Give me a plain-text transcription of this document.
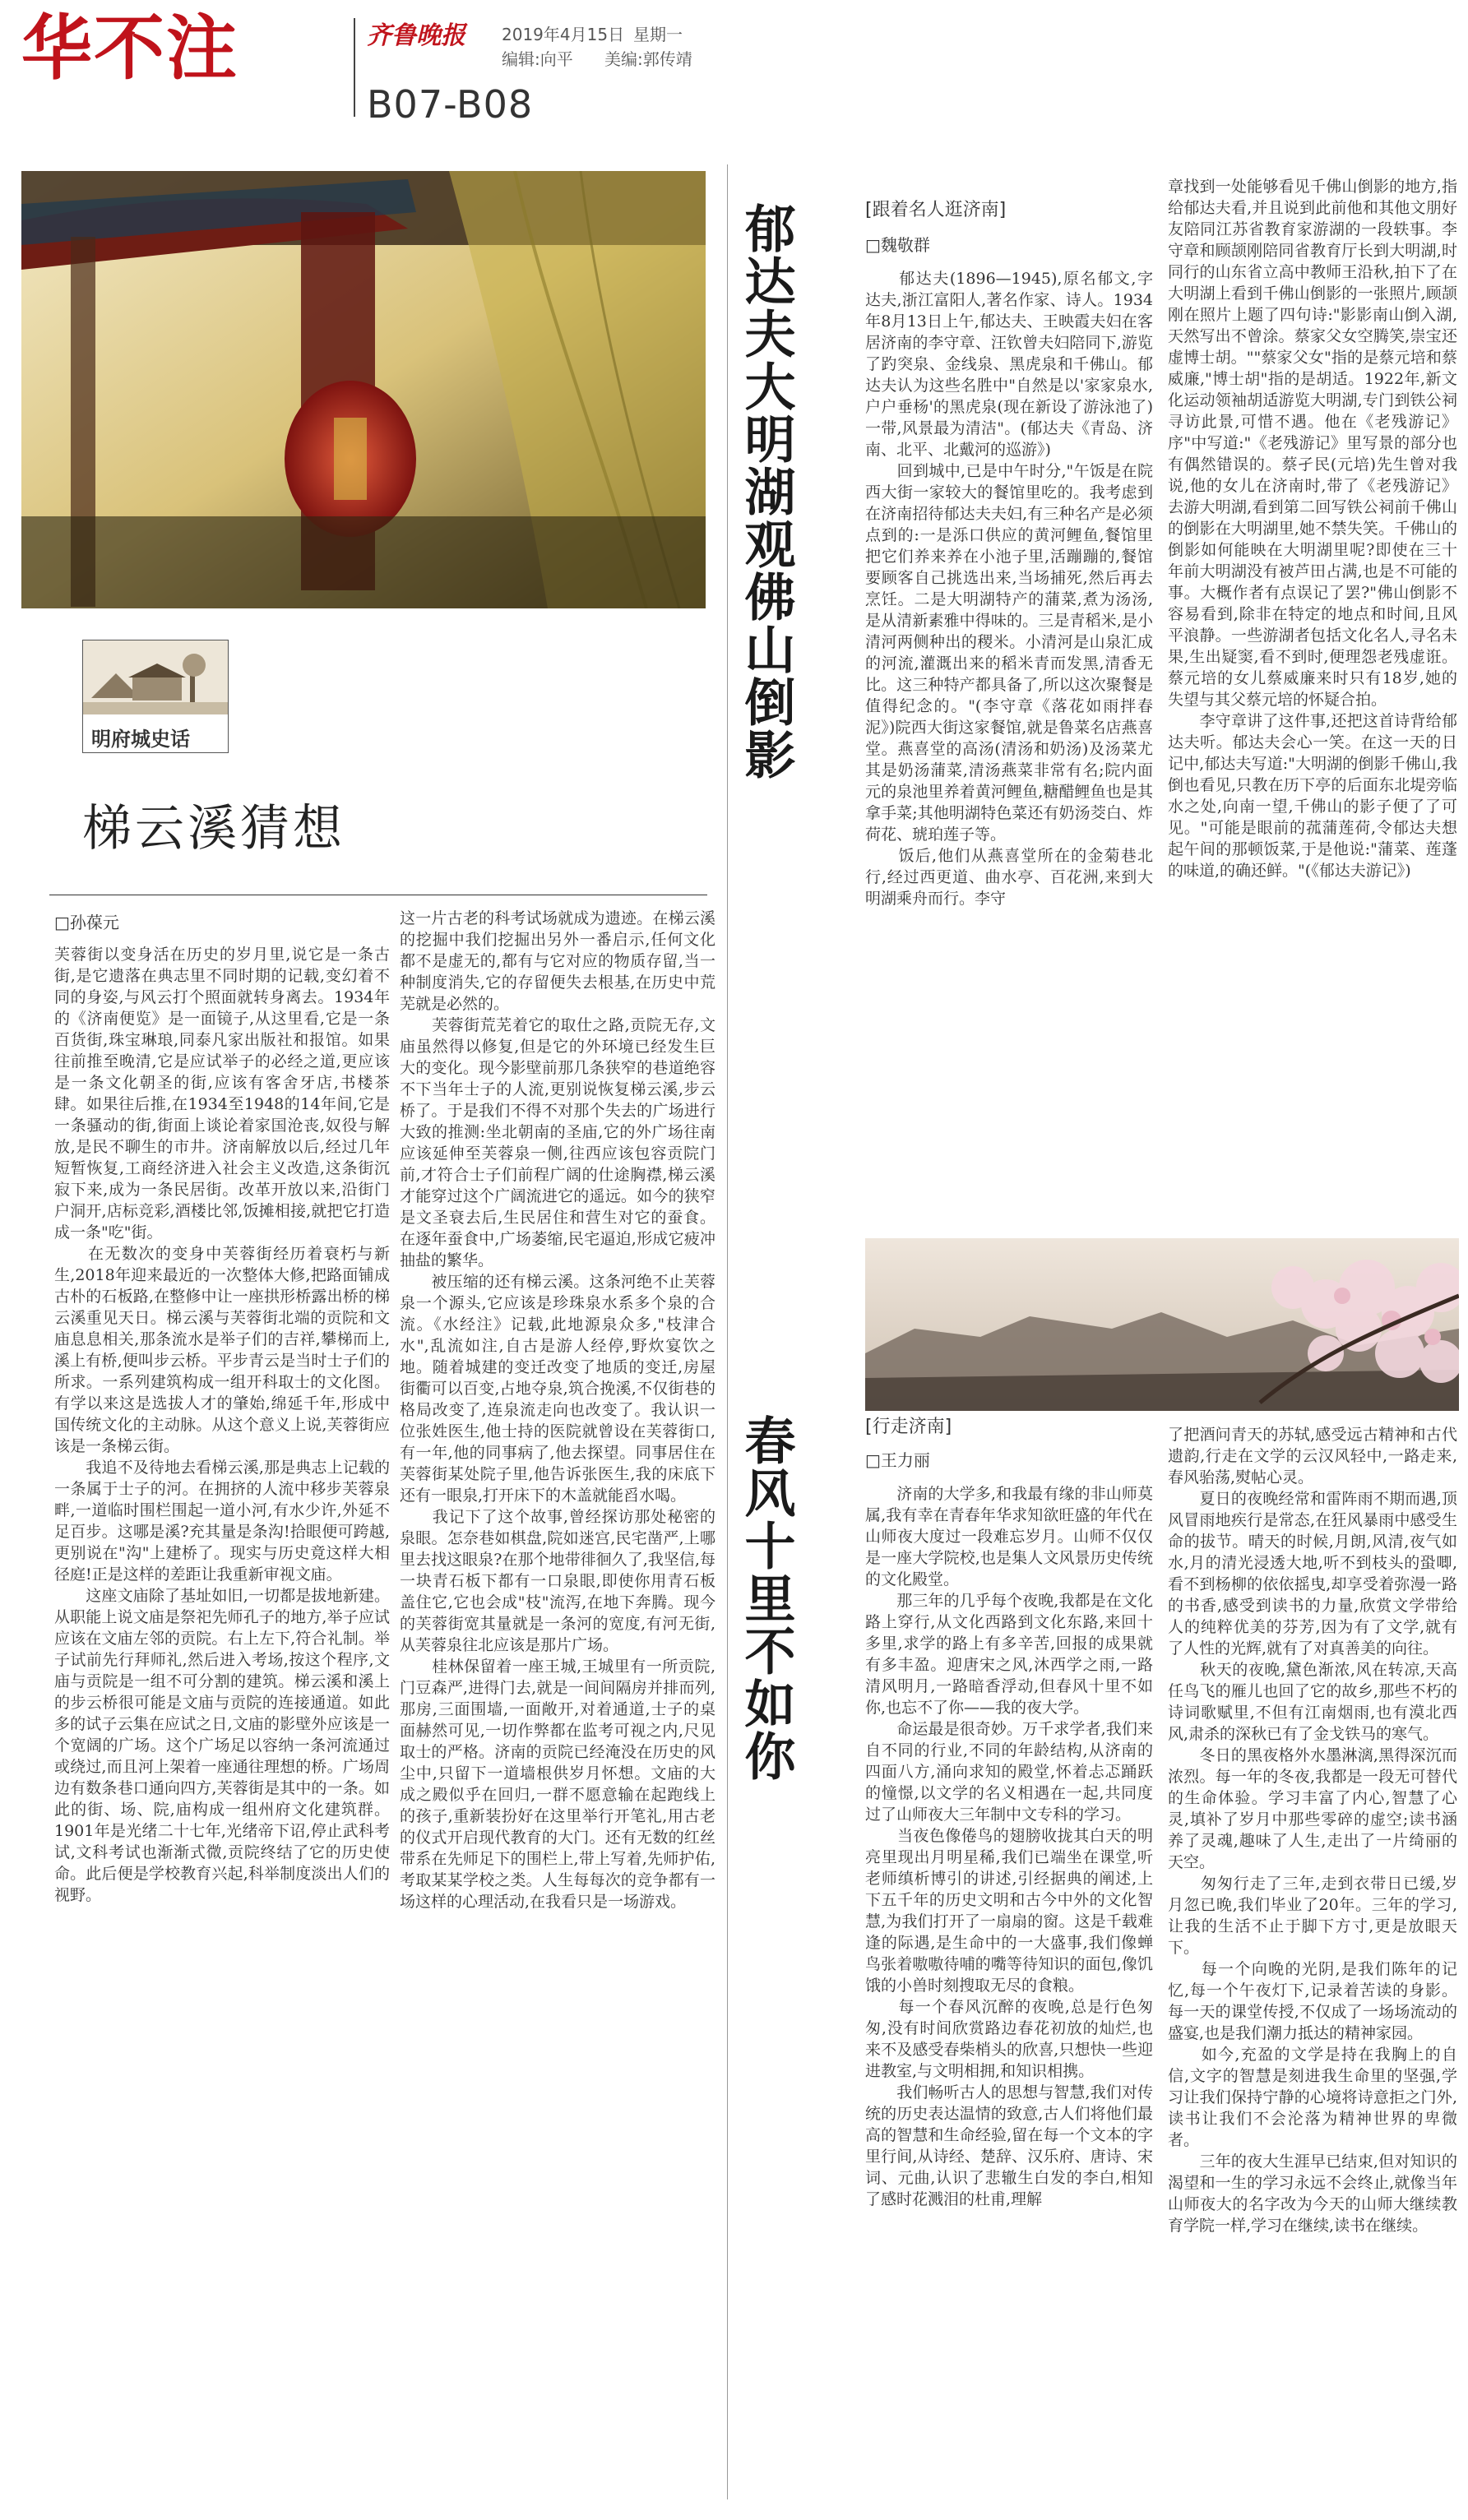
华不注	齐鲁晚报 2019年4月15日 星期一
编辑:向平 美编:郭传靖
B07-B08
明府城史话
梯云溪猜想
□孙葆元
芙蓉街以变身活在历史的岁月里,说它是一条古街,是它遗落在典志里不同时期的记载,变幻着不同的身姿,与风云打个照面就转身离去。1934年的《济南便览》是一面镜子,从这里看,它是一条百货街,珠宝琳琅,同泰凡家出版社和报馆。如果往前推至晚清,它是应试举子的必经之道,更应该是一条文化朝圣的街,应该有客舍牙店,书楼茶肆。如果往后推,在1934至1948的14年间,它是一条骚动的街,街面上谈论着家国沧丧,奴役与解放,是民不聊生的市井。济南解放以后,经过几年短暂恢复,工商经济进入社会主义改造,这条街沉寂下来,成为一条民居街。改革开放以来,沿街门户洞开,店标竞彩,酒楼比邻,饭摊相接,就把它打造成一条"吃"街。
　　在无数次的变身中芙蓉街经历着衰朽与新生,2018年迎来最近的一次整体大修,把路面铺成古朴的石板路,在整修中让一座拱形桥露出桥的梯云溪重见天日。梯云溪与芙蓉街北端的贡院和文庙息息相关,那条流水是举子们的吉祥,攀梯而上,溪上有桥,便叫步云桥。平步青云是当时士子们的所求。一系列建筑构成一组开科取士的文化图。有学以来这是选拔人才的肇始,绵延千年,形成中国传统文化的主动脉。从这个意义上说,芙蓉街应该是一条梯云街。
　　我追不及待地去看梯云溪,那是典志上记载的一条属于士子的河。在拥挤的人流中移步芙蓉泉畔,一道临时围栏围起一道小河,有水少许,外延不足百步。这哪是溪?充其量是条沟!拾眼便可跨越,更别说在"沟"上建桥了。现实与历史竟这样大相径庭!正是这样的差距让我重新审视文庙。
　　这座文庙除了基址如旧,一切都是拔地新建。从职能上说文庙是祭祀先师孔子的地方,举子应试应该在文庙左邻的贡院。右上左下,符合礼制。举子试前先行拜师礼,然后进入考场,按这个程序,文庙与贡院是一组不可分割的建筑。梯云溪和溪上的步云桥很可能是文庙与贡院的连接通道。如此多的试子云集在应试之日,文庙的影壁外应该是一个宽阔的广场。这个广场足以容纳一条河流通过或绕过,而且河上架着一座通往理想的桥。广场周边有数条巷口通向四方,芙蓉街是其中的一条。如此的街、场、院,庙构成一组州府文化建筑群。1901年是光绪二十七年,光绪帝下诏,停止武科考试,文科考试也渐渐式微,贡院终结了它的历史使命。此后便是学校教育兴起,科举制度淡出人们的视野。
这一片古老的科考试场就成为遗迹。在梯云溪的挖掘中我们挖掘出另外一番启示,任何文化都不是虚无的,都有与它对应的物质存留,当一种制度消失,它的存留便失去根基,在历史中荒芜就是必然的。
　　芙蓉街荒芜着它的取仕之路,贡院无存,文庙虽然得以修复,但是它的外环境已经发生巨大的变化。现今影壁前那几条狭窄的巷道绝容不下当年士子的人流,更别说恢复梯云溪,步云桥了。于是我们不得不对那个失去的广场进行大致的推测:坐北朝南的圣庙,它的外广场往南应该延伸至芙蓉泉一侧,往西应该包容贡院门前,才符合士子们前程广阔的仕途胸襟,梯云溪才能穿过这个广阔流进它的遥远。如今的狭窄是文圣衰去后,生民居住和营生对它的蚕食。在逐年蚕食中,广场萎缩,民宅逼迫,形成它疲冲抽盐的繁华。
　　被压缩的还有梯云溪。这条河绝不止芙蓉泉一个源头,它应该是珍珠泉水系多个泉的合流。《水经注》记载,此地源泉众多,"枝津合水",乱流如注,自古是游人经停,野炊宴饮之地。随着城建的变迁改变了地质的变迁,房屋街衢可以百变,占地夺泉,筑合挽溪,不仅街巷的格局改变了,连泉流走向也改变了。我认识一位张姓医生,他士持的医院就曾设在芙蓉街口,有一年,他的同事病了,他去探望。同事居住在芙蓉街某处院子里,他告诉张医生,我的床底下还有一眼泉,打开床下的木盖就能舀水喝。
　　我记下了这个故事,曾经探访那处秘密的泉眼。怎奈巷如棋盘,院如迷宫,民宅凿严,上哪里去找这眼泉?在那个地带徘徊久了,我坚信,每一块青石板下都有一口泉眼,即使你用青石板盖住它,它也会成"枝"流泻,在地下奔腾。现今的芙蓉街宽其量就是一条河的宽度,有河无街,从芙蓉泉往北应该是那片广场。
　　桂林保留着一座王城,王城里有一所贡院,门豆森严,进得门去,就是一间间隔房并排而列,那房,三面围墙,一面敞开,对着通道,士子的桌面赫然可见,一切作弊都在监考可视之内,尺见取士的严格。济南的贡院已经淹没在历史的风尘中,只留下一道墙根供岁月怀想。文庙的大成之殿似乎在回归,一群不愿意输在起跑线上的孩子,重新装扮好在这里举行开笔礼,用古老的仪式开启现代教育的大门。还有无数的红丝带系在先师足下的围栏上,带上写着,先师护佑,考取某某学校之类。人生每每次的竞争都有一场这样的心理活动,在我看只是一场游戏。
郁达夫大明湖观佛山倒影	[跟着名人逛济南]
□魏敬群
　　郁达夫(1896—1945),原名郁文,字达夫,浙江富阳人,著名作家、诗人。1934年8月13日上午,郁达夫、王映霞夫妇在客居济南的李守章、汪钦曾夫妇陪同下,游览了趵突泉、金线泉、黑虎泉和千佛山。郁达夫认为这些名胜中"自然是以'家家泉水,户户垂杨'的黑虎泉(现在新设了游泳池了)一带,风景最为清洁"。(郁达夫《青岛、济南、北平、北戴河的巡游》)
　　回到城中,已是中午时分,"午饭是在院西大街一家较大的餐馆里吃的。我考虑到在济南招待郁达夫夫妇,有三种名产是必须点到的:一是泺口供应的黄河鲤鱼,餐馆里把它们养来养在小池子里,活蹦蹦的,餐馆要顾客自己挑选出来,当场捕死,然后再去烹饪。二是大明湖特产的蒲菜,煮为汤汤,是从清新素雅中得味的。三是青稻米,是小清河两侧种出的稷米。小清河是山泉汇成的河流,灌溉出来的稻米青而发黑,清香无比。这三种特产都具备了,所以这次聚餐是值得纪念的。"(李守章《落花如雨拌春泥》)院西大街这家餐馆,就是鲁菜名店燕喜堂。燕喜堂的高汤(清汤和奶汤)及汤菜尤其是奶汤蒲菜,清汤燕菜非常有名;院内面元的泉池里养着黄河鲤鱼,糖醋鲤鱼也是其拿手菜;其他明湖特色菜还有奶汤茭白、炸荷花、琥珀莲子等。
　　饭后,他们从燕喜堂所在的金菊巷北行,经过西更道、曲水亭、百花洲,来到大明湖乘舟而行。李守
章找到一处能够看见千佛山倒影的地方,指给郁达夫看,并且说到此前他和其他文朋好友陪同江苏省教育家游湖的一段轶事。李守章和顾颉刚陪同省教育厅长到大明湖,时同行的山东省立高中教师王沿秋,拍下了在大明湖上看到千佛山倒影的一张照片,顾颉刚在照片上题了四句诗:"影影南山倒入湖,天然写出不曾涂。蔡家父女空腾笑,崇宝还虚博士胡。""蔡家父女"指的是蔡元培和蔡威廉,"博士胡"指的是胡适。1922年,新文化运动领袖胡适游览大明湖,专门到铁公祠寻访此景,可惜不遇。他在《老残游记》序"中写道:"《老残游记》里写景的部分也有偶然错误的。蔡孑民(元培)先生曾对我说,他的女儿在济南时,带了《老残游记》去游大明湖,看到第二回写铁公祠前千佛山的倒影在大明湖里,她不禁失笑。千佛山的倒影如何能映在大明湖里呢?即使在三十年前大明湖没有被芦田占满,也是不可能的事。大概作者有点误记了罢?"佛山倒影不容易看到,除非在特定的地点和时间,且风平浪静。一些游湖者包括文化名人,寻名未果,生出疑窦,看不到时,便理怨老残虚诳。蔡元培的女儿蔡威廉来时只有18岁,她的失望与其父蔡元培的怀疑合拍。
　　李守章讲了这件事,还把这首诗背给郁达夫听。郁达夫会心一笑。在这一天的日记中,郁达夫写道:"大明湖的倒影千佛山,我倒也看见,只教在历下亭的后面东北堤旁临水之处,向南一望,千佛山的影子便了了可见。"可能是眼前的菰蒲莲荷,令郁达夫想起午间的那顿饭菜,于是他说:"蒲菜、莲蓬的味道,的确还鲜。"(《郁达夫游记》)
春风十里不如你	[行走济南]
□王力丽
　　济南的大学多,和我最有缘的非山师莫属,我有幸在青春年华求知欲旺盛的年代在山师夜大度过一段难忘岁月。山师不仅仅是一座大学院校,也是集人文风景历史传统的文化殿堂。
　　那三年的几乎每个夜晚,我都是在文化路上穿行,从文化西路到文化东路,来回十多里,求学的路上有多辛苦,回报的成果就有多丰盈。迎唐宋之风,沐西学之雨,一路清风明月,一路暗香浮动,但春风十里不如你,也忘不了你——我的夜大学。
　　命运最是很奇妙。万千求学者,我们来自不同的行业,不同的年龄结构,从济南的四面八方,涌向求知的殿堂,怀着忐忑踊跃的憧憬,以文学的名义相遇在一起,共同度过了山师夜大三年制中文专科的学习。
　　当夜色像倦鸟的翅膀收拢其白天的明亮里现出月明星稀,我们已端坐在课堂,听老师缜析博引的讲述,引经据典的阐述,上下五千年的历史文明和古今中外的文化智慧,为我们打开了一扇扇的窗。这是千载难逢的际遇,是生命中的一大盛事,我们像蝉鸟张着嗷嗷待哺的嘴等待知识的面包,像饥饿的小兽时刻搜取无尽的食粮。
　　每一个春风沉醉的夜晚,总是行色匆匆,没有时间欣赏路边春花初放的灿烂,也来不及感受春柴梢头的欣喜,只想快一些迎进教室,与文明相拥,和知识相携。
　　我们畅听古人的思想与智慧,我们对传统的历史表达温情的致意,古人们将他们最高的智慧和生命经验,留在每一个文本的字里行间,从诗经、楚辞、汉乐府、唐诗、宋词、元曲,认识了悲辙生白发的李白,相知了感时花溅泪的杜甫,理解
了把酒问青天的苏轼,感受远古精神和古代遗韵,行走在文学的云汉风轻中,一路走来,春风骀荡,熨帖心灵。
　　夏日的夜晚经常和雷阵雨不期而遇,顶风冒雨地疾行是常态,在狂风暴雨中感受生命的拔节。晴天的时候,月朗,风清,夜气如水,月的清光浸透大地,听不到枝头的蛩唧,看不到杨柳的依依摇曳,却享受着弥漫一路的书香,感受到读书的力量,欣赏文学带给人的纯粹优美的芬芳,因为有了文学,就有了人性的光辉,就有了对真善美的向往。
　　秋天的夜晚,黛色渐浓,风在转凉,天高任鸟飞的雁儿也回了它的故乡,那些不朽的诗词歌赋里,不但有江南烟雨,也有漠北西风,肃杀的深秋已有了金戈铁马的寒气。
　　冬日的黑夜格外水墨淋漓,黑得深沉而浓烈。每一年的冬夜,我都是一段无可替代的生命体验。学习丰富了内心,智慧了心灵,填补了岁月中那些零碎的虚空;读书涵养了灵魂,趣味了人生,走出了一片绮丽的天空。
　　匆匆行走了三年,走到衣带日已缓,岁月忽已晚,我们毕业了20年。三年的学习,让我的生活不止于脚下方寸,更是放眼天下。
　　每一个向晚的光阴,是我们陈年的记忆,每一个午夜灯下,记录着苦读的身影。每一天的课堂传授,不仅成了一场场流动的盛宴,也是我们潮力抵达的精神家园。
　　如今,充盈的文学是持在我胸上的自信,文字的智慧是刻进我生命里的坚强,学习让我们保持宁静的心境将诗意拒之门外,读书让我们不会沦落为精神世界的卑微者。
　　三年的夜大生涯早已结束,但对知识的渴望和一生的学习永远不会终止,就像当年山师夜大的名字改为今天的山师大继续教育学院一样,学习在继续,读书在继续。
